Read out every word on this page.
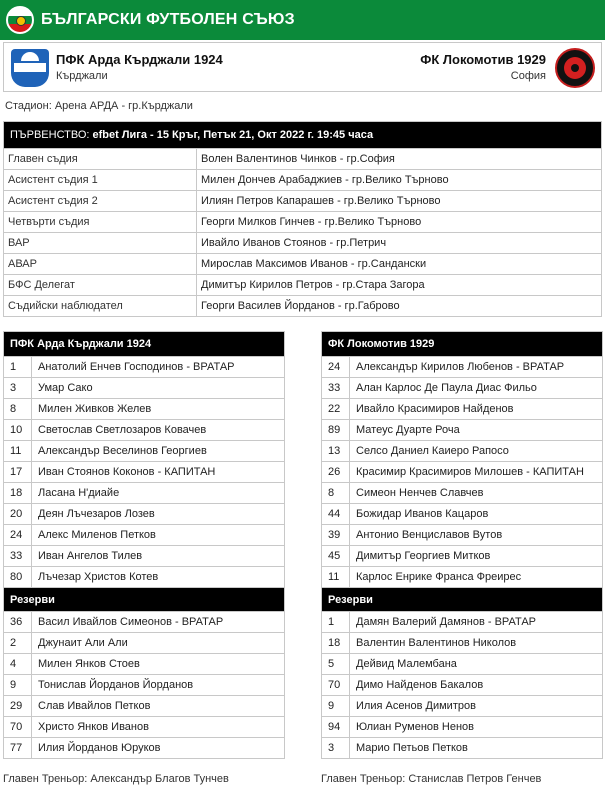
БЪЛГАРСКИ ФУТБОЛЕН СЪЮЗ
ПФК Арда Кърджали 1924
Кърджали
ФК Локомотив 1929
София
Стадион: Арена АРДА - гр.Кърджали
ПЪРВЕНСТВО: efbet Лига - 15 Кръг, Петък 21, Окт 2022 г. 19:45 часа
Главен съдия	Волен Валентинов Чинков - гр.София
Асистент съдия 1	Милен Дончев Арабаджиев - гр.Велико Търново
Асистент съдия 2	Илиян Петров Капарашев - гр.Велико Търново
Четвърти съдия	Георги Милков Гинчев - гр.Велико Търново
ВАР	Ивайло Иванов Стоянов - гр.Петрич
АВАР	Мирослав Максимов Иванов - гр.Сандански
БФС Делегат	Димитър Кирилов Петров - гр.Стара Загора
Съдийски наблюдател	Георги Василев Йорданов - гр.Габрово
ПФК Арда Кърджали 1924
1	Анатолий Енчев Господинов - ВРАТАР
3	Умар Сако
8	Милен Живков Желев
10	Светослав Светлозаров Ковачев
11	Александър Веселинов Георгиев
17	Иван Стоянов Коконов - КАПИТАН
18	Ласана Н'диайе
20	Деян Лъчезаров Лозев
24	Алекс Миленов Петков
33	Иван Ангелов Тилев
80	Лъчезар Христов Котев
Резерви
36	Васил Ивайлов Симеонов - ВРАТАР
2	Джунаит Али Али
4	Милен Янков Стоев
9	Тонислав Йорданов Йорданов
29	Слав Ивайлов Петков
70	Христо Янков Иванов
77	Илия Йорданов Юруков
ФК Локомотив 1929
24	Александър Кирилов Любенов - ВРАТАР
33	Алан Карлос Де Паула Диас Фильо
22	Ивайло Красимиров Найденов
89	Матеус Дуарте Роча
13	Селсо Даниел Каиеро Рапосо
26	Красимир Красимиров Милошев - КАПИТАН
8	Симеон Ненчев Славчев
44	Божидар Иванов Кацаров
39	Антонио Венциславов Вутов
45	Димитър Георгиев Митков
11	Карлос Енрике Франса Фреирес
Резерви
1	Дамян Валерий Дамянов - ВРАТАР
18	Валентин Валентинов Николов
5	Дейвид Малембана
70	Димо Найденов Бакалов
9	Илия Асенов Димитров
94	Юлиан Руменов Ненов
3	Марио Петьов Петков
Главен Треньор: Александър Благов Тунчев	Главен Треньор: Станислав Петров Генчев
